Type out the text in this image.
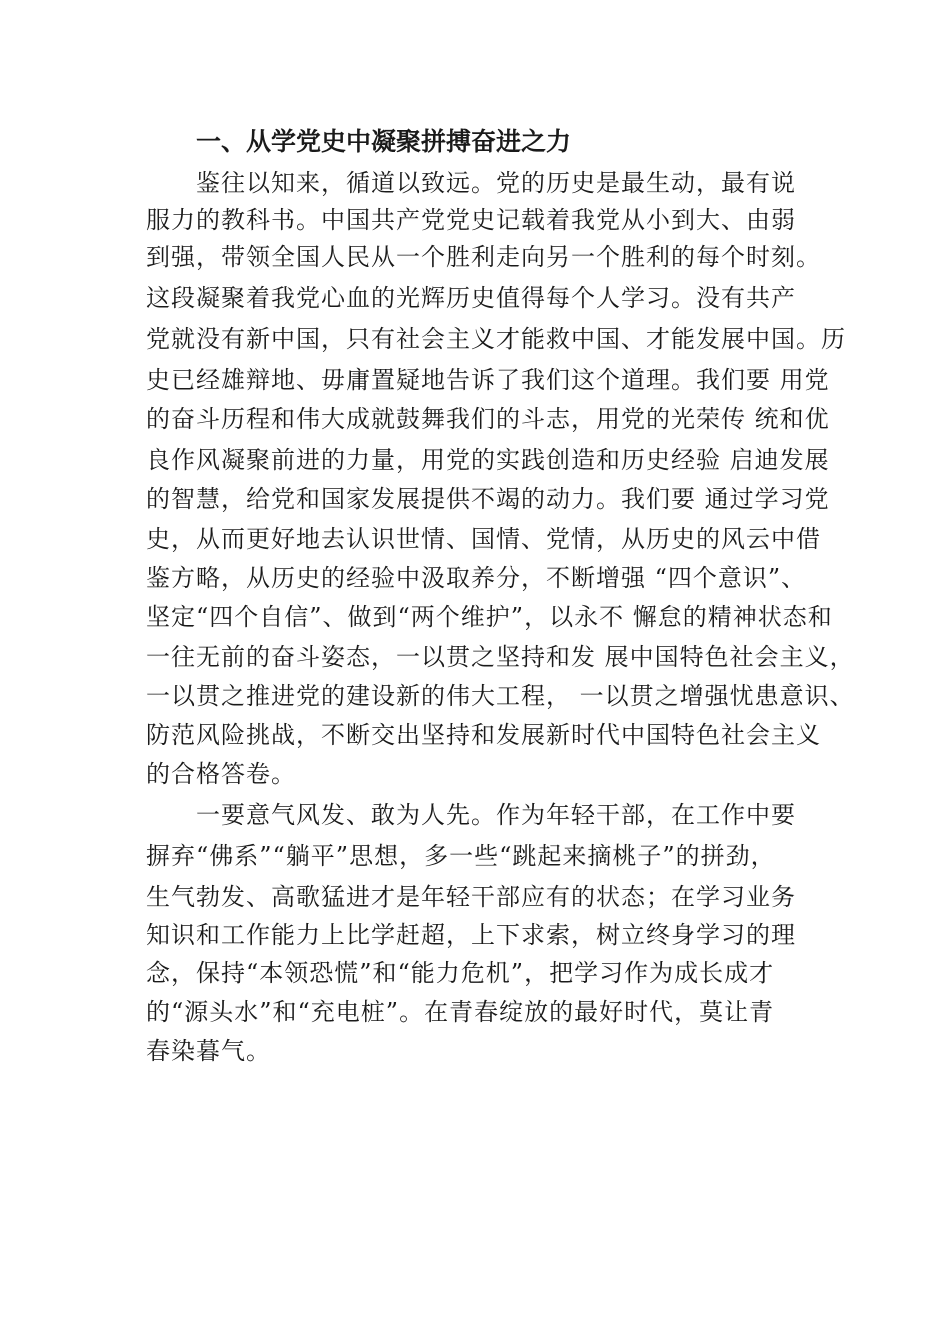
一、从学党史中凝聚拼搏奋进之力
鉴往以知来，循道以致远。党的历史是最生动，最有说
服力的教科书。中国共产党党史记载着我党从小到大、由弱
到强，带领全国人民从一个胜利走向另一个胜利的每个时刻。
这段凝聚着我党心血的光辉历史值得每个人学习。没有共产
党就没有新中国，只有社会主义才能救中国、才能发展中国。历
史已经雄辩地、毋庸置疑地告诉了我们这个道理。我们要 用党
的奋斗历程和伟大成就鼓舞我们的斗志，用党的光荣传 统和优
良作风凝聚前进的力量，用党的实践创造和历史经验 启迪发展
的智慧，给党和国家发展提供不竭的动力。我们要 通过学习党
史，从而更好地去认识世情、国情、党情，从历史的风云中借
鉴方略，从历史的经验中汲取养分，不断增强 “四个意识”、
坚定“四个自信”、做到“两个维护”，以永不 懈怠的精神状态和
一往无前的奋斗姿态，一以贯之坚持和发 展中国特色社会主义，
一以贯之推进党的建设新的伟大工程， 一以贯之增强忧患意识、
防范风险挑战，不断交出坚持和发展新时代中国特色社会主义
的合格答卷。
一要意气风发、敢为人先。作为年轻干部，在工作中要
摒弃“佛系”“躺平”思想，多一些“跳起来摘桃子”的拼劲，
生气勃发、高歌猛进才是年轻干部应有的状态；在学习业务
知识和工作能力上比学赶超，上下求索，树立终身学习的理
念，保持“本领恐慌”和“能力危机”，把学习作为成长成才
的“源头水”和“充电桩”。在青春绽放的最好时代，莫让青
春染暮气。
